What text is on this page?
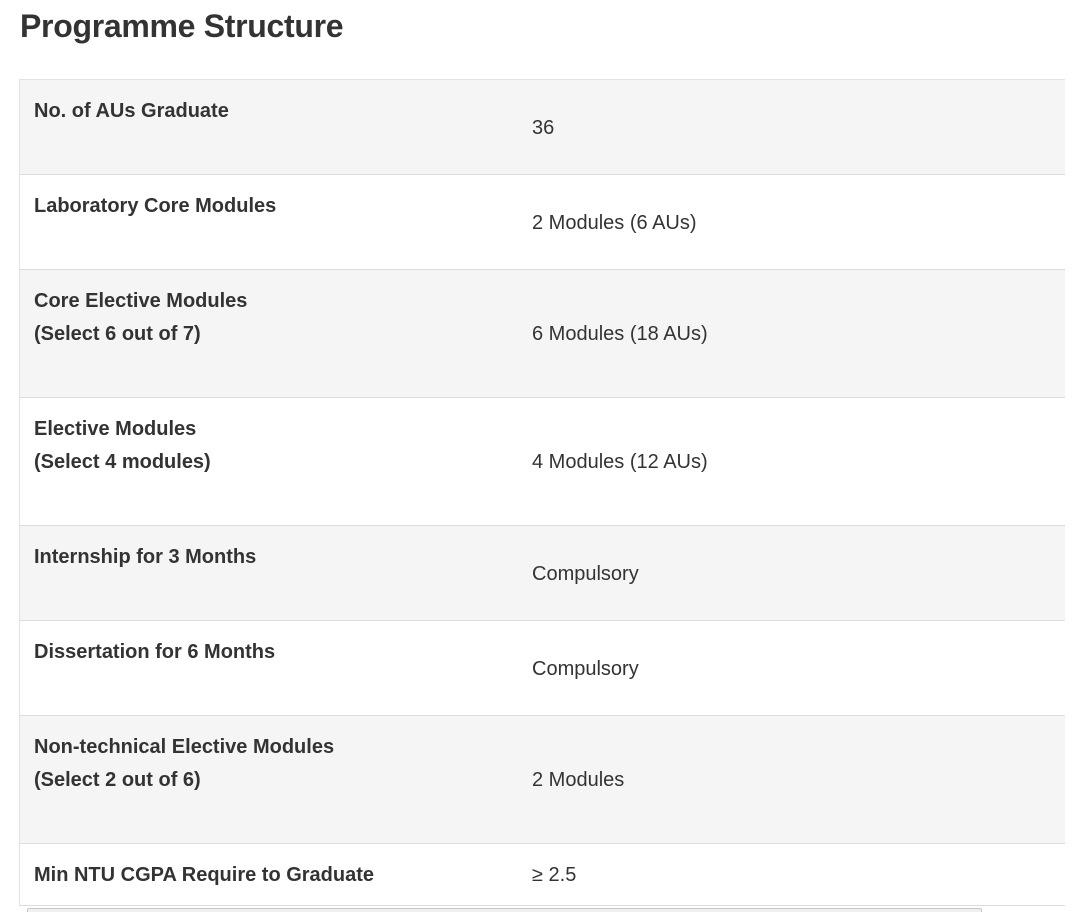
Programme Structure
No. of AUs Graduate	36

Laboratory Core Modules	2 Modules (6 AUs)

Core Elective Modules
(Select 6 out of 7)	6 Modules (18 AUs)

Elective Modules
(Select 4 modules)	4 Modules (12 AUs)

Internship for 3 Months	Compulsory

Dissertation for 6 Months	Compulsory

Non-technical Elective Modules
(Select 2 out of 6)	2 Modules

Min NTU CGPA Require to Graduate	≥ 2.5
